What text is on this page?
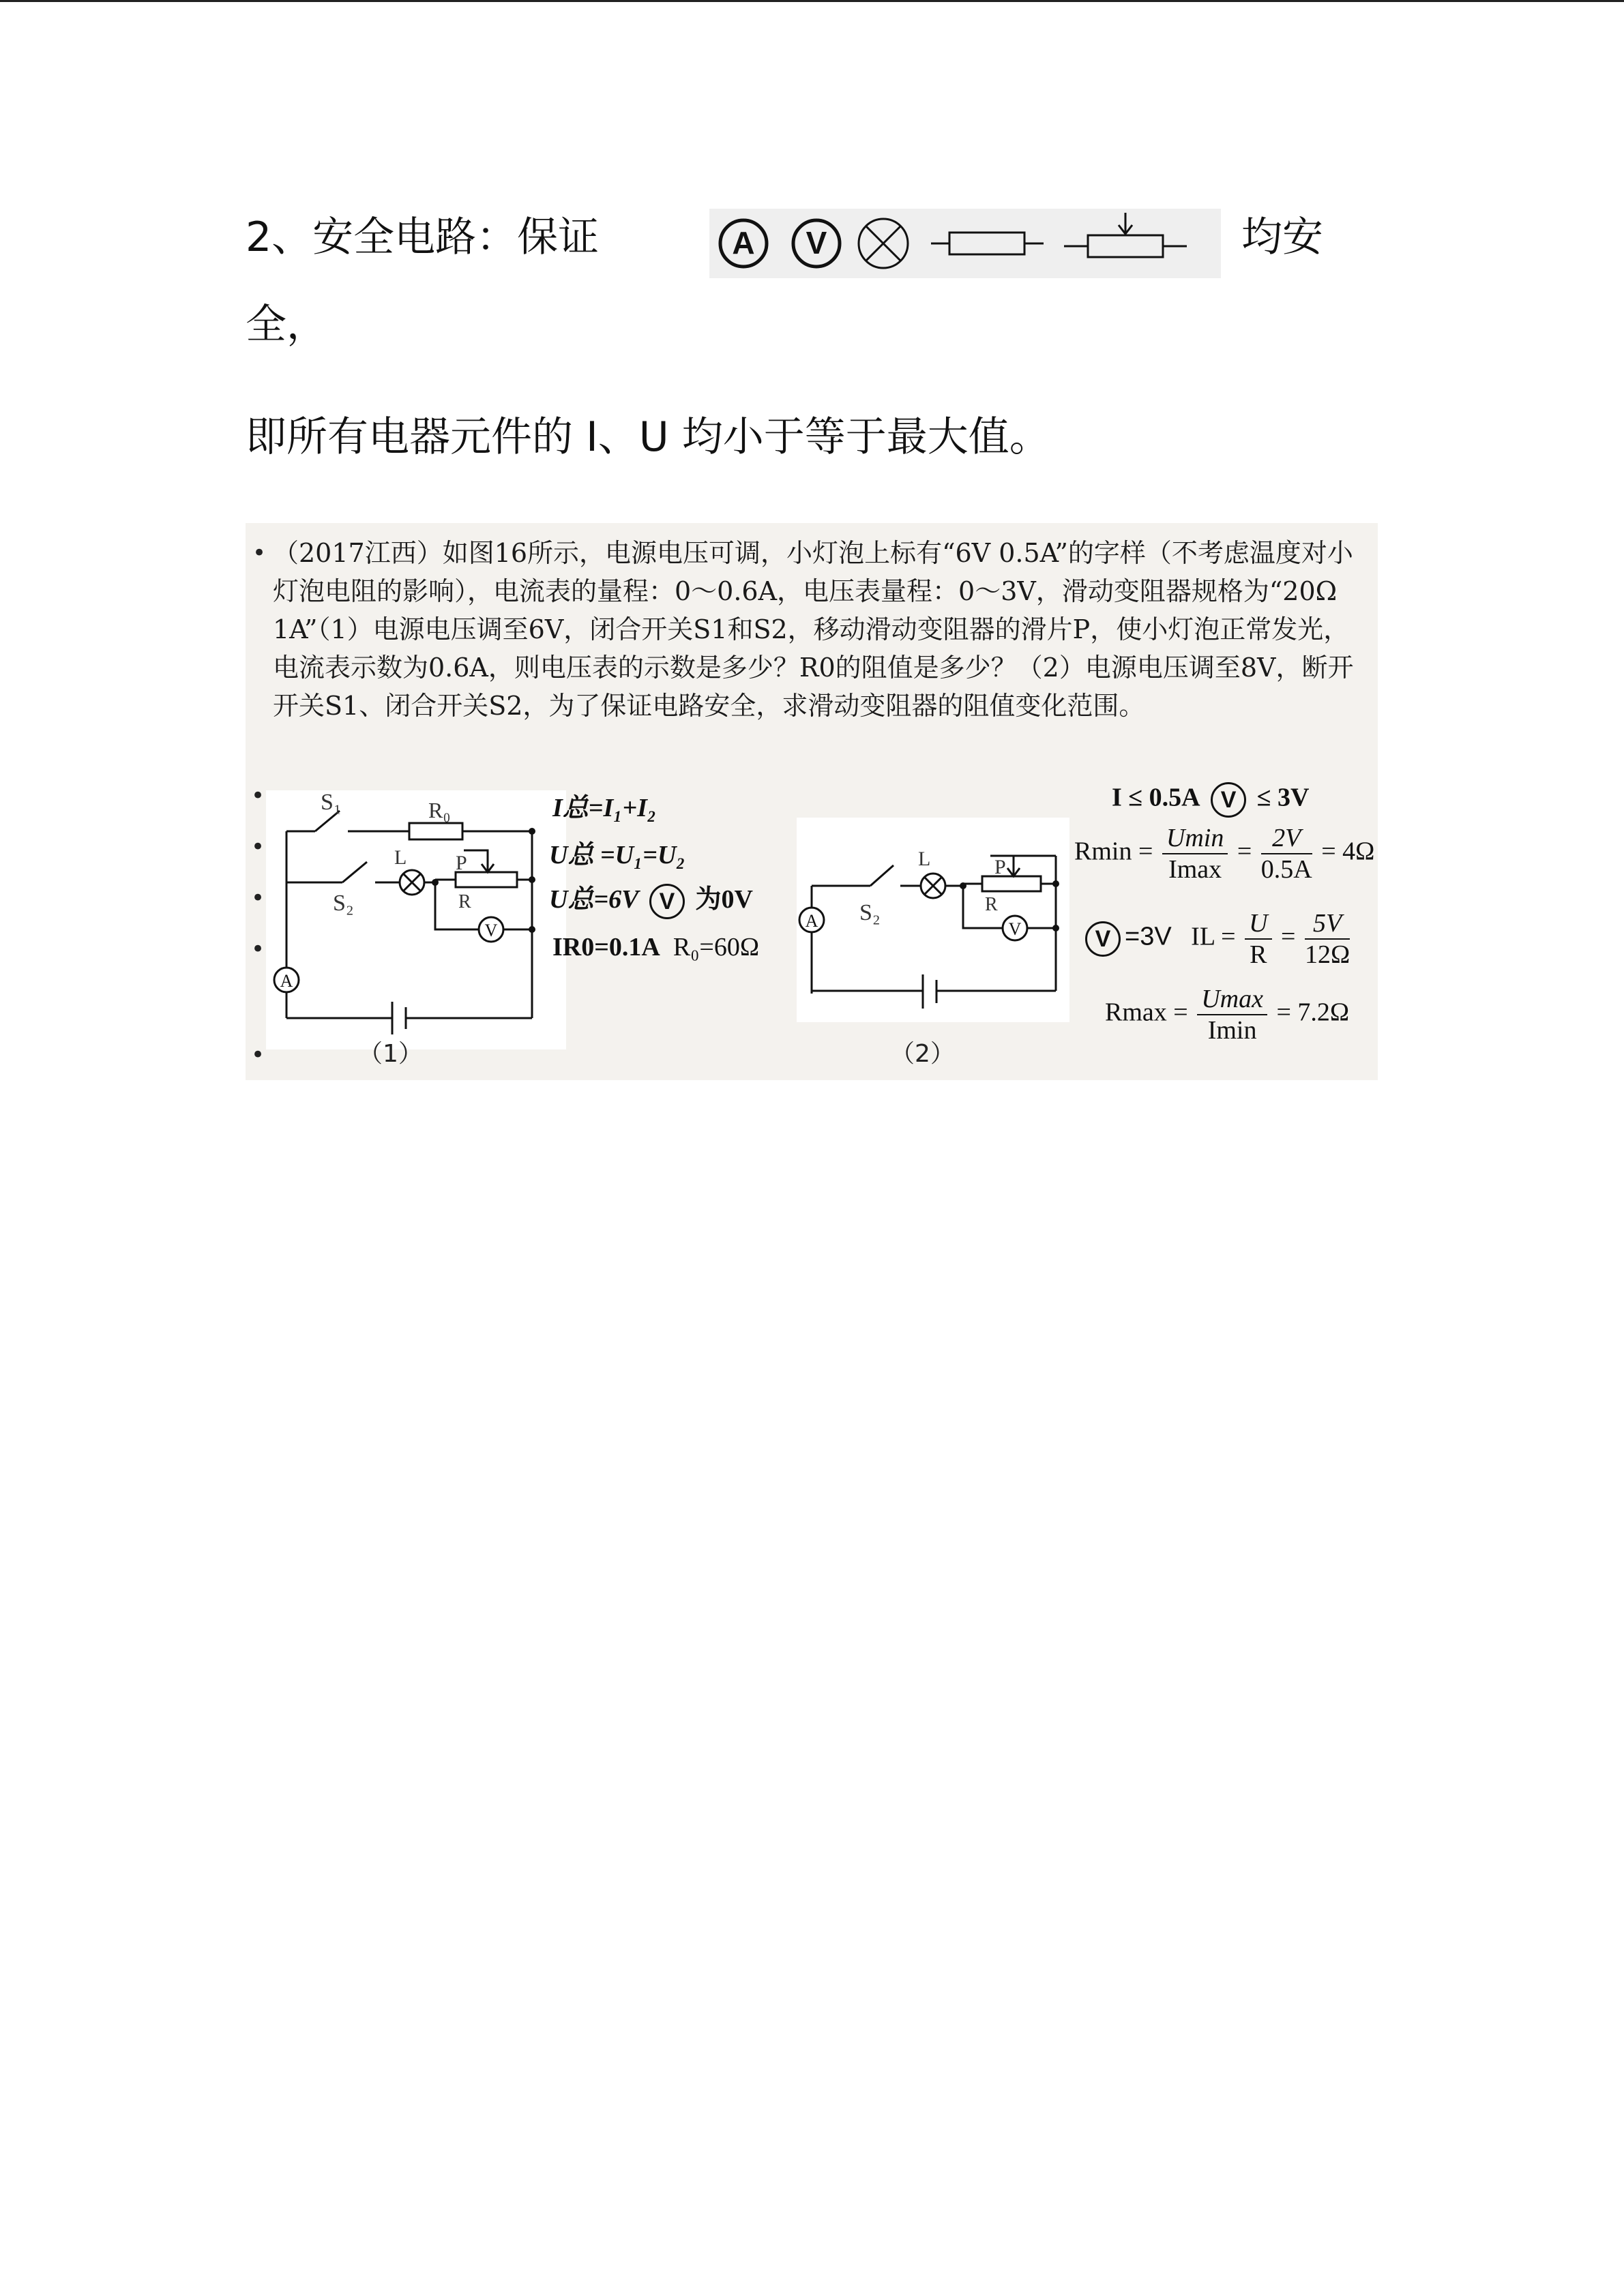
2、安全电路：保证	A V	均安
全，
即所有电器元件的 I、U 均小于等于最大值。
• （2017江西）如图16所示，电源电压可调，小灯泡上标有“6V 0.5A”的字样（不考虑温度对小灯泡电阻的影响），电流表的量程：0～0.6A，电压表量程：0～3V，滑动变阻器规格为“20Ω 1A”（1）电源电压调至6V，闭合开关S1和S2，移动滑动变阻器的滑片P，使小灯泡正常发光，电流表示数为0.6A，则电压表的示数是多少？R0的阻值是多少？（2）电源电压调至8V，断开开关S1、闭合开关S2，为了保证电路安全，求滑动变阻器的阻值变化范围。
•
•
•
•
•
S₁	R₀
S₂
L P
R
V
A
S₂
L	P
R
V
A
（1）	（2）
I总=I₁+I₂
U总 =U₁=U₂
U总=6V V 为0V
IR0=0.1A R₀=60Ω
I ≤ 0.5A V ≤ 3V
$Rmin = \frac{Umin}{Imax} = \frac{2V}{0.5A} = 4\Omega$
V =3V IL = $\frac{U}{R} = \frac{5V}{12\Omega}$
$Rmax = \frac{Umax}{Imin} = 7.2\Omega$
